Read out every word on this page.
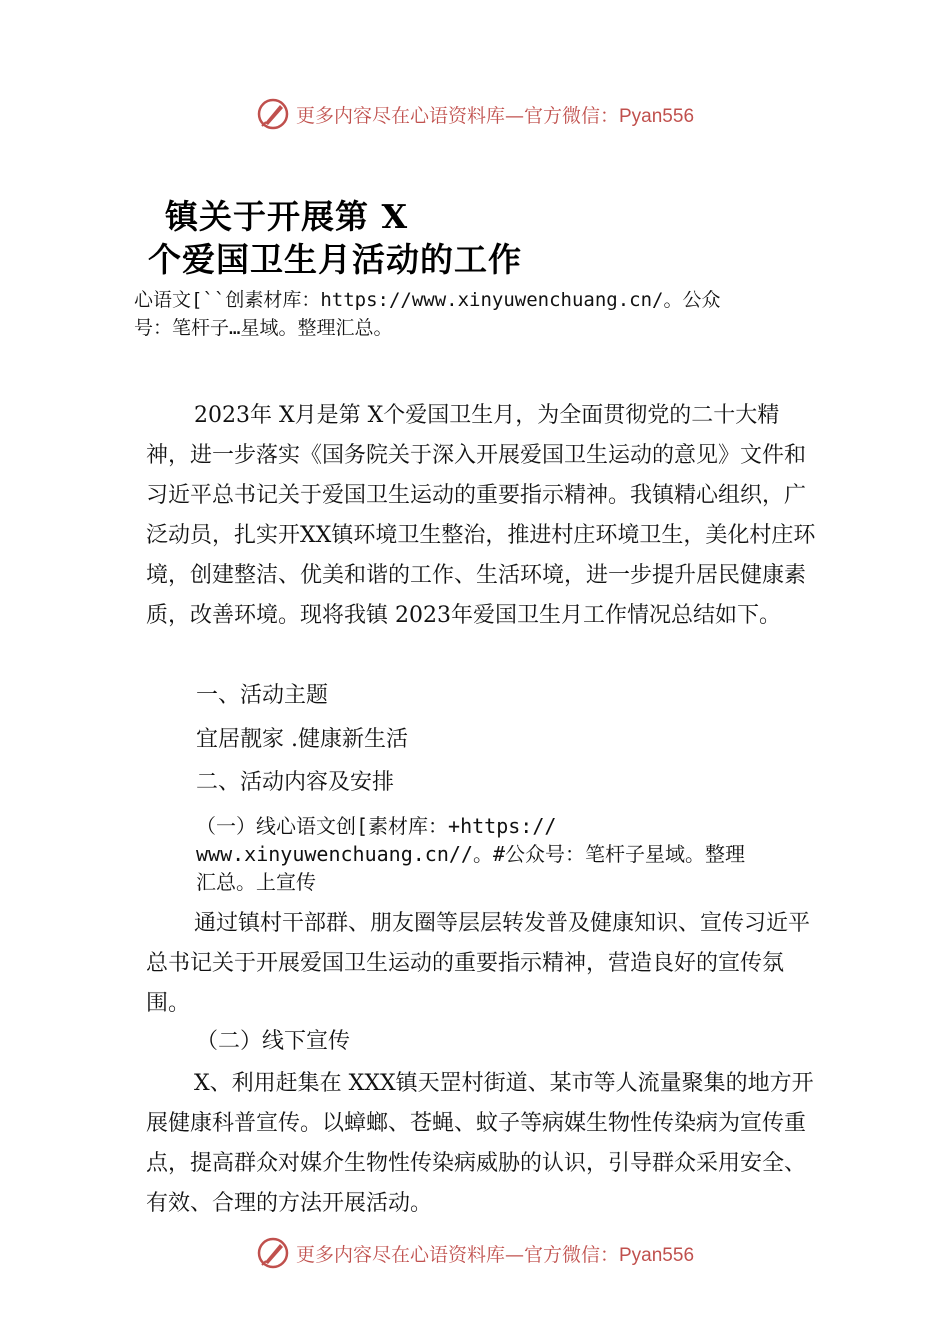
更多内容尽在心语资料库—官方微信：Pyan556
镇关于开展第 X
个爱国卫生月活动的工作
心语文[``创素材库：https://www.xinyuwenchuang.cn/。公众
号：笔杆子…星域。整理汇总。
2023年 X月是第 X个爱国卫生月，为全面贯彻党的二十大精神，进一步落实《国务院关于深入开展爱国卫生运动的意见》文件和习近平总书记关于爱国卫生运动的重要指示精神。我镇精心组织，广泛动员，扎实开XX镇环境卫生整治，推进村庄环境卫生，美化村庄环境，创建整洁、优美和谐的工作、生活环境，进一步提升居民健康素质，改善环境。现将我镇 2023年爱国卫生月工作情况总结如下。
一、活动主题
宜居靓家 .健康新生活
二、活动内容及安排
（一）线心语文创[素材库：+https://
www.xinyuwenchuang.cn//。#公众号：笔杆子星域。整理
汇总。上宣传
通过镇村干部群、朋友圈等层层转发普及健康知识、宣传习近平总书记关于开展爱国卫生运动的重要指示精神，营造良好的宣传氛围。
（二）线下宣传
X、利用赶集在 XXX镇天罡村街道、某市等人流量聚集的地方开展健康科普宣传。以蟑螂、苍蝇、蚊子等病媒生物性传染病为宣传重点，提高群众对媒介生物性传染病威胁的认识，引导群众采用安全、有效、合理的方法开展活动。
更多内容尽在心语资料库—官方微信：Pyan556
